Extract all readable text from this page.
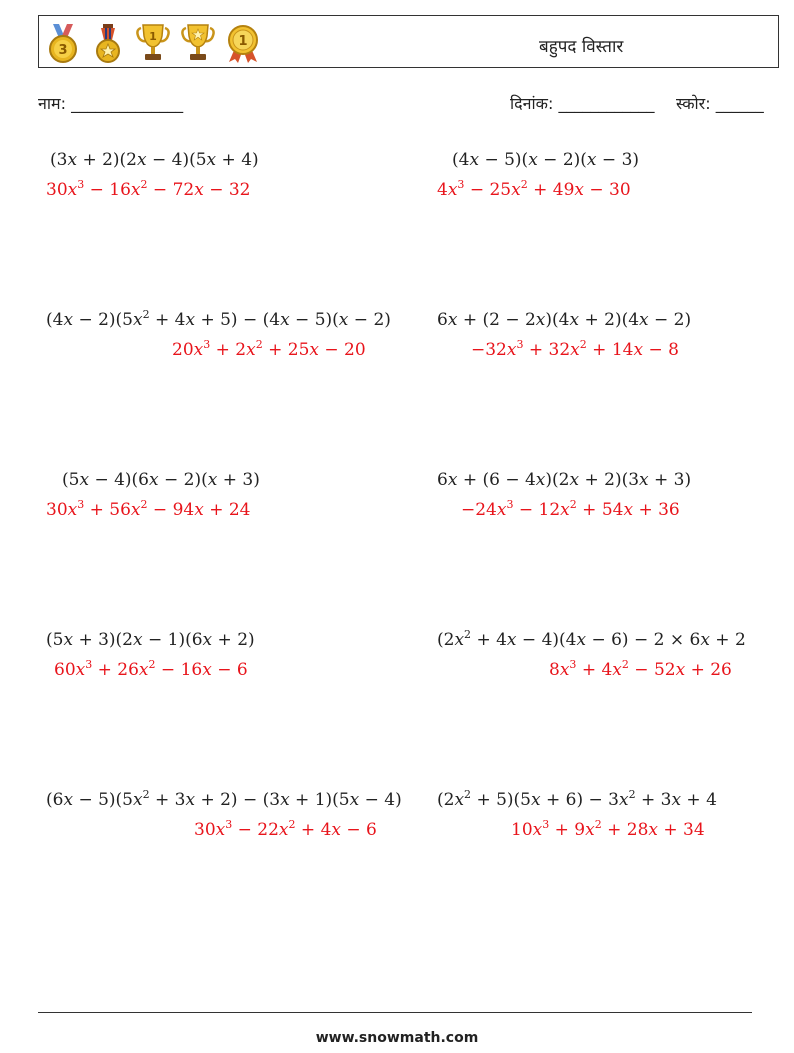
3
1	1	बहुपद विस्तार
नाम: ______________	दिनांक: ____________ स्कोर: ______
(3x + 2)(2x − 4)(5x + 4)
$30x^3 - 16x^2 - 72x - 32$
(4x − 5)(x − 2)(x − 3)
$4x^3 - 25x^2 + 49x - 30$
$(4x - 2)(5x^2 + 4x + 5) - (4x - 5)(x - 2)$
$20x^3 + 2x^2 + 25x - 20$
6x + (2 − 2x)(4x + 2)(4x − 2)
$-32x^3 + 32x^2 + 14x - 8$
(5x − 4)(6x − 2)(x + 3)
$30x^3 + 56x^2 - 94x + 24$
6x + (6 − 4x)(2x + 2)(3x + 3)
$-24x^3 - 12x^2 + 54x + 36$
(5x + 3)(2x − 1)(6x + 2)
$60x^3 + 26x^2 - 16x - 6$
$(2x^2 + 4x - 4)(4x - 6) - 2 \times 6x + 2$
$8x^3 + 4x^2 - 52x + 26$
$(6x - 5)(5x^2 + 3x + 2) - (3x + 1)(5x - 4)$
$30x^3 - 22x^2 + 4x - 6$
$(2x^2 + 5)(5x + 6) - 3x^2 + 3x + 4$
$10x^3 + 9x^2 + 28x + 34$
www.snowmath.com
